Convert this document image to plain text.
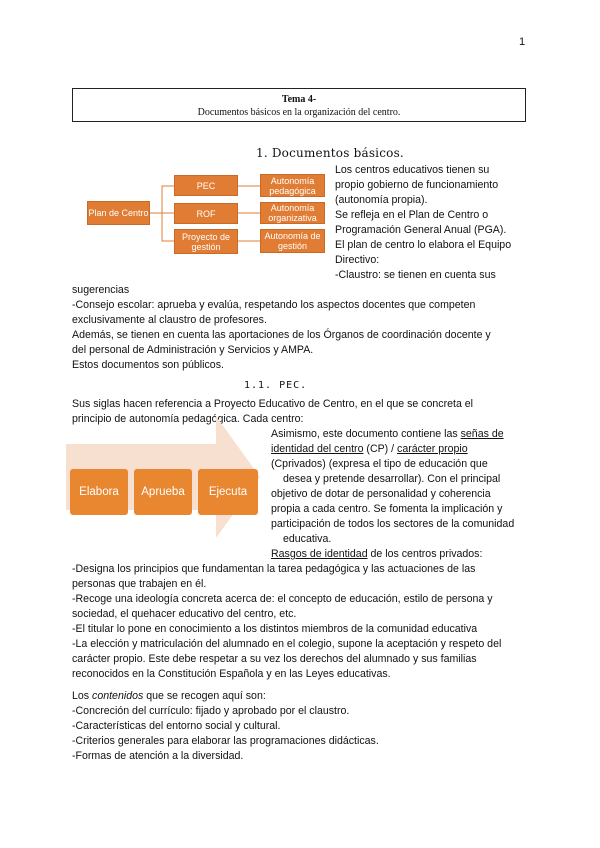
1
Tema 4-
Documentos básicos en la organización del centro.
1. Documentos básicos.
Plan de Centro
PEC
ROF
Proyecto de gestión
Autonomía pedagógica
Autonomía organizativa
Autonomía de gestión
Los centros educativos tienen su
propio gobierno de funcionamiento
(autonomía propia).
Se refleja en el Plan de Centro o
Programación General Anual (PGA).
El plan de centro lo elabora el Equipo
Directivo:
-Claustro: se tienen en cuenta sus
sugerencias
-Consejo escolar: aprueba y evalúa, respetando los aspectos docentes que competen
exclusivamente al claustro de profesores.
Además, se tienen en cuenta las aportaciones de los Órganos de coordinación docente y
del personal de Administración y Servicios y AMPA.
Estos documentos son públicos.
1.1. PEC.
Sus siglas hacen referencia a Proyecto Educativo de Centro, en el que se concreta el
principio de autonomía pedagógica. Cada centro:
Elabora	Aprueba	Ejecuta
Asimismo, este documento contiene las señas de
identidad del centro (CP) / carácter propio
(Cprivados) (expresa el tipo de educación que
desea y pretende desarrollar). Con el principal
objetivo de dotar de personalidad y coherencia
propia a cada centro. Se fomenta la implicación y
participación de todos los sectores de la comunidad
educativa.
Rasgos de identidad de los centros privados:
-Designa los principios que fundamentan la tarea pedagógica y las actuaciones de las
personas que trabajen en él.
-Recoge una ideología concreta acerca de: el concepto de educación, estilo de persona y
sociedad, el quehacer educativo del centro, etc.
-El titular lo pone en conocimiento a los distintos miembros de la comunidad educativa
-La elección y matriculación del alumnado en el colegio, supone la aceptación y respeto del
carácter propio. Este debe respetar a su vez los derechos del alumnado y sus familias
reconocidos en la Constitución Española y en las Leyes educativas.
Los contenidos que se recogen aquí son:
-Concreción del currículo: fijado y aprobado por el claustro.
-Características del entorno social y cultural.
-Criterios generales para elaborar las programaciones didácticas.
-Formas de atención a la diversidad.
